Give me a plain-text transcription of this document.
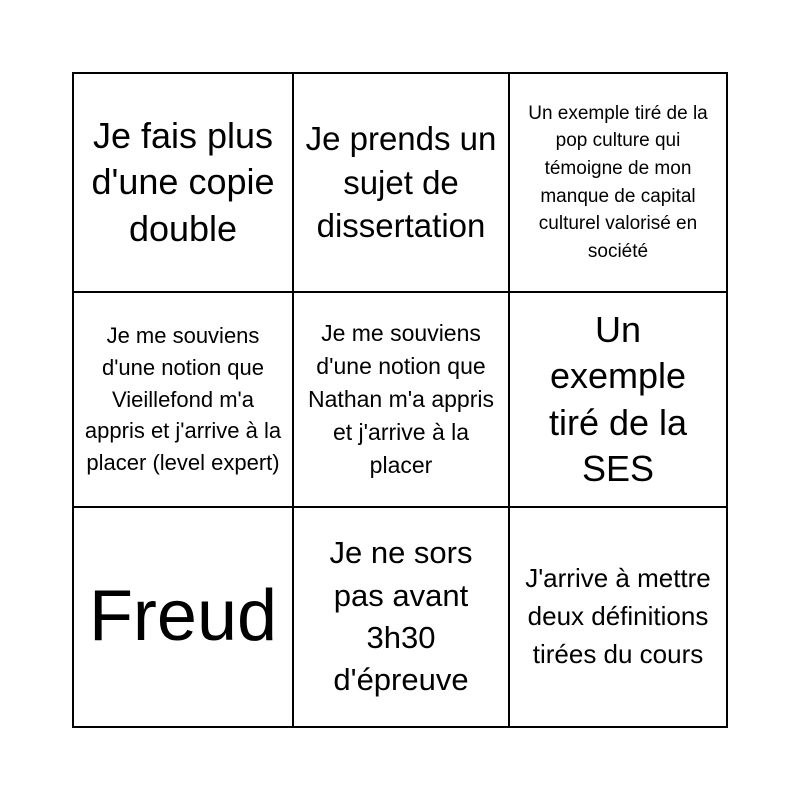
Je fais plus d'une copie double
Je prends un sujet de dissertation
Un exemple tiré de la pop culture qui témoigne de mon manque de capital culturel valorisé en société
Je me souviens d'une notion que Vieillefond m'a appris et j'arrive à la placer (level expert)
Je me souviens d'une notion que Nathan m'a appris et j'arrive à la placer
Un exemple tiré de la SES
Freud
Je ne sors pas avant 3h30 d'épreuve
J'arrive à mettre deux définitions tirées du cours
